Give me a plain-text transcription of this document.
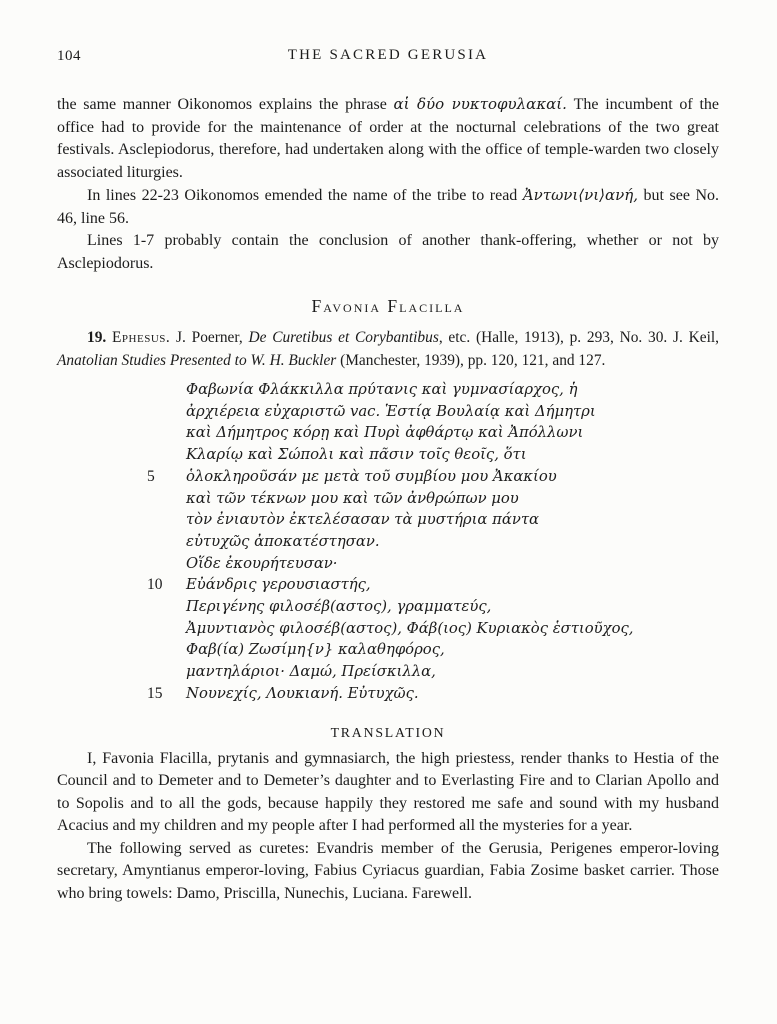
104	THE SACRED GERUSIA
the same manner Oikonomos explains the phrase αἱ δύο νυκτοφυλακαί. The incumbent of the office had to provide for the maintenance of order at the nocturnal celebrations of the two great festivals. Asclepiodorus, therefore, had undertaken along with the office of temple-warden two closely associated liturgies.
In lines 22-23 Oikonomos emended the name of the tribe to read Ἀντωνι⟨νι⟩ανή, but see No. 46, line 56.
Lines 1-7 probably contain the conclusion of another thank-offering, whether or not by Asclepiodorus.
Favonia Flacilla

19. Ephesus. J. Poerner, De Curetibus et Corybantibus, etc. (Halle, 1913), p. 293, No. 30. J. Keil, Anatolian Studies Presented to W. H. Buckler (Manchester, 1939), pp. 120, 121, and 127.

Φαβωνία Φλάκκιλλα πρύτανις καὶ γυμνασίαρχος, ἡ
ἀρχιέρεια εὐχαριστῶ vac. Ἑστίᾳ Βουλαίᾳ καὶ Δήμητρι
καὶ Δήμητρος κόρῃ καὶ Πυρὶ ἀφθάρτῳ καὶ Ἀπόλλωνι
Κλαρίῳ καὶ Σώπολι καὶ πᾶσιν τοῖς θεοῖς, ὅτι
5	ὁλοκληροῦσάν με μετὰ τοῦ συμβίου μου Ἀκακίου
καὶ τῶν τέκνων μου καὶ τῶν ἀνθρώπων μου
τὸν ἐνιαυτὸν ἐκτελέσασαν τὰ μυστήρια πάντα
εὐτυχῶς ἀποκατέστησαν.
Οἵδε ἐκουρήτευσαν·
10	Εὐάνδρις γερουσιαστής,
Περιγένης φιλοσέβ(αστος), γραμματεύς,
Ἀμυντιανὸς φιλοσέβ(αστος), Φάβ(ιος) Κυριακὸς ἑστιοῦχος,
Φαβ(ία) Ζωσίμη{ν} καλαθηφόρος,
μαντηλάριοι· Δαμώ, Πρείσκιλλα,
15	Νουνεχίς, Λουκιανή. Εὐτυχῶς.
TRANSLATION
I, Favonia Flacilla, prytanis and gymnasiarch, the high priestess, render thanks to Hestia of the Council and to Demeter and to Demeter’s daughter and to Everlasting Fire and to Clarian Apollo and to Sopolis and to all the gods, because happily they restored me safe and sound with my husband Acacius and my children and my people after I had performed all the mysteries for a year.
The following served as curetes: Evandris member of the Gerusia, Perigenes emperor-loving secretary, Amyntianus emperor-loving, Fabius Cyriacus guardian, Fabia Zosime basket carrier. Those who bring towels: Damo, Priscilla, Nunechis, Luciana. Farewell.
